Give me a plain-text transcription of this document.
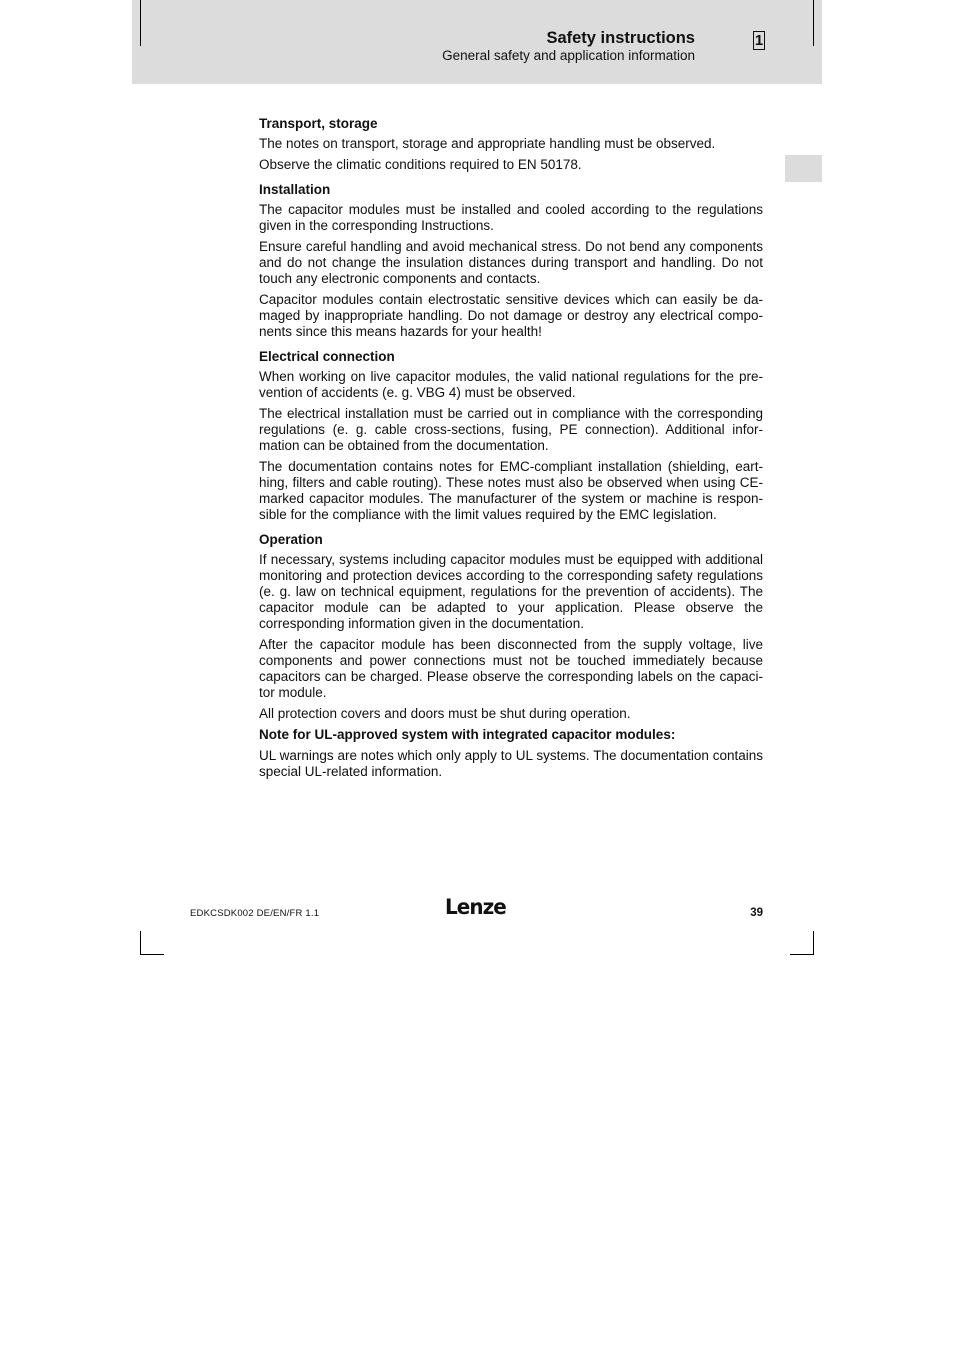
Safety instructions
General safety and application information
1
Transport, storage

The notes on transport, storage and appropriate handling must be observed.

Observe the climatic conditions required to EN 50178.

Installation

The capacitor modules must be installed and cooled according to the regulations given in the corresponding Instructions.

Ensure careful handling and avoid mechanical stress. Do not bend any components and do not change the insulation distances during transport and handling. Do not touch any electronic components and contacts.

Capacitor modules contain electrostatic sensitive devices which can easily be damaged by inappropriate handling. Do not damage or destroy any electrical components since this means hazards for your health!

Electrical connection

When working on live capacitor modules, the valid national regulations for the prevention of accidents (e. g. VBG 4) must be observed.

The electrical installation must be carried out in compliance with the corresponding regulations (e. g. cable cross-sections, fusing, PE connection). Additional information can be obtained from the documentation.

The documentation contains notes for EMC-compliant installation (shielding, earthing, filters and cable routing). These notes must also be observed when using CE-marked capacitor modules. The manufacturer of the system or machine is responsible for the compliance with the limit values required by the EMC legislation.

Operation

If necessary, systems including capacitor modules must be equipped with additional monitoring and protection devices according to the corresponding safety regulations (e. g. law on technical equipment, regulations for the prevention of accidents). The capacitor module can be adapted to your application. Please observe the corresponding information given in the documentation.

After the capacitor module has been disconnected from the supply voltage, live components and power connections must not be touched immediately because capacitors can be charged. Please observe the corresponding labels on the capacitor module.

All protection covers and doors must be shut during operation.

Note for UL-approved system with integrated capacitor modules:

UL warnings are notes which only apply to UL systems. The documentation contains special UL-related information.

EDKCSDK002 DE/EN/FR 1.1	Lenze	39
